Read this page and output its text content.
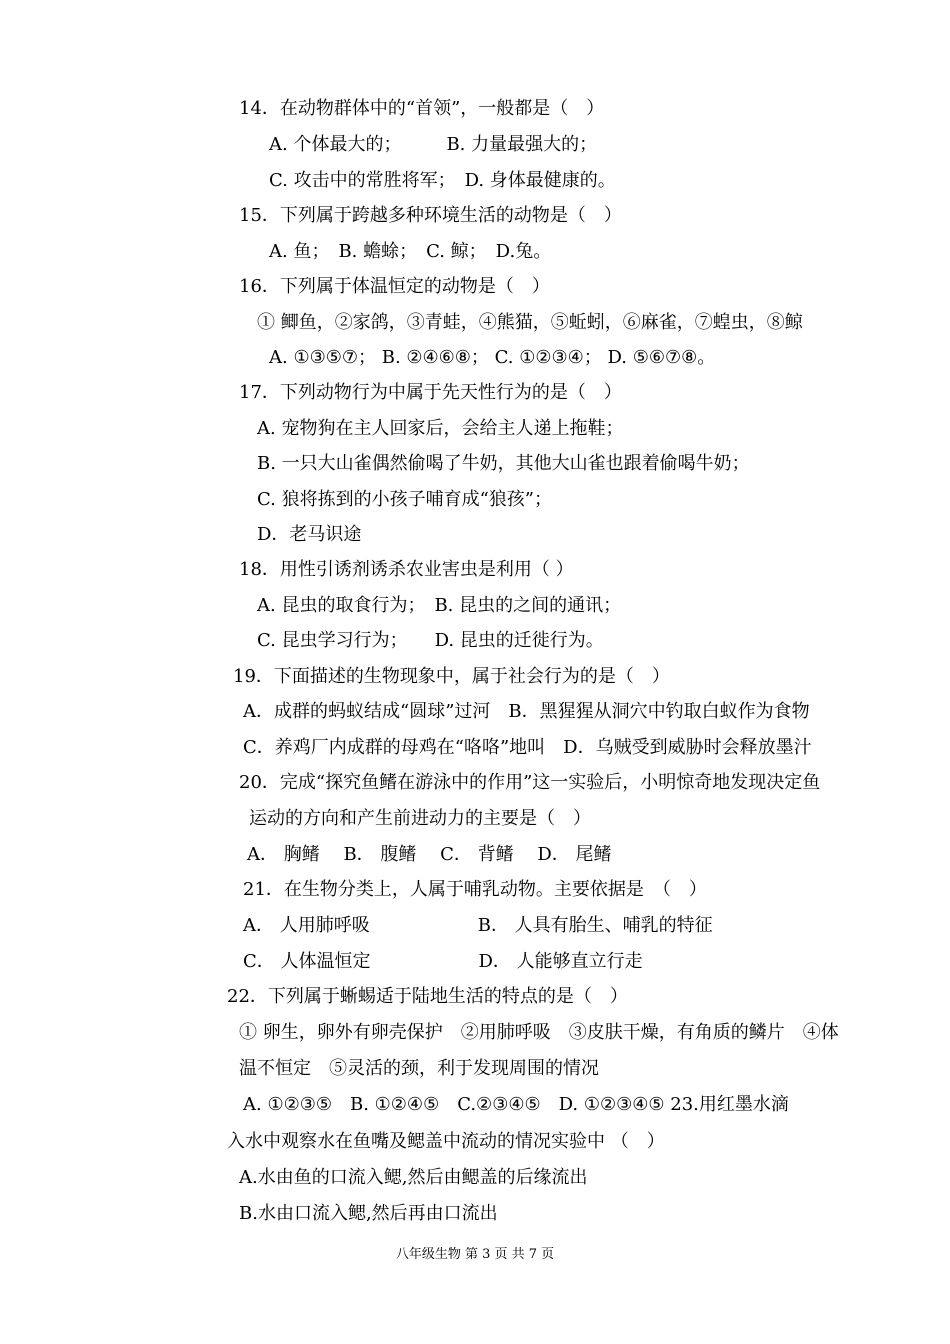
14．在动物群体中的“首领”，一般都是（　）
A. 个体最大的；　　　B. 力量最强大的；
C. 攻击中的常胜将军；　D. 身体最健康的。
15．下列属于跨越多种环境生活的动物是（　）
A. 鱼；　B. 蟾蜍；　C. 鲸；　D.兔。
16．下列属于体温恒定的动物是（　）
① 鲫鱼，②家鸽，③青蛙，④熊猫，⑤蚯蚓，⑥麻雀，⑦蝗虫，⑧鲸
A. ①③⑤⑦； B. ②④⑥⑧； C. ①②③④； D. ⑤⑥⑦⑧。
17．下列动物行为中属于先天性行为的是（　）
A. 宠物狗在主人回家后，会给主人递上拖鞋；
B. 一只大山雀偶然偷喝了牛奶，其他大山雀也跟着偷喝牛奶；
C. 狼将拣到的小孩子哺育成“狼孩”；
D．老马识途
18．用性引诱剂诱杀农业害虫是利用（ ）
A. 昆虫的取食行为；　B. 昆虫的之间的通讯；
C. 昆虫学习行为；　　D. 昆虫的迁徙行为。
19．下面描述的生物现象中，属于社会行为的是（　）
A．成群的蚂蚁结成“圆球”过河　B．黑猩猩从洞穴中钓取白蚁作为食物
C．养鸡厂内成群的母鸡在“咯咯”地叫　D．乌贼受到威胁时会释放墨汁
20．完成“探究鱼鳍在游泳中的作用”这一实验后，小明惊奇地发现决定鱼
运动的方向和产生前进动力的主要是（　）
A． 胸鳍　 B． 腹鳍　 C． 背鳍　 D． 尾鳍
21．在生物分类上，人属于哺乳动物。主要依据是　（　）
A． 人用肺呼吸　　　　　　B． 人具有胎生、哺乳的特征
C． 人体温恒定　　　　　　D． 人能够直立行走
22．下列属于蜥蜴适于陆地生活的特点的是（　）
① 卵生，卵外有卵壳保护　②用肺呼吸　③皮肤干燥，有角质的鳞片　④体
温不恒定　⑤灵活的颈，利于发现周围的情况
A. ①②③⑤　B. ①②④⑤　C.②③④⑤　D. ①②③④⑤ 23.用红墨水滴
入水中观察水在鱼嘴及鳃盖中流动的情况实验中 （　）
A.水由鱼的口流入鳃,然后由鳃盖的后缘流出
B.水由口流入鳃,然后再由口流出
八年级生物 第 3 页 共 7 页
